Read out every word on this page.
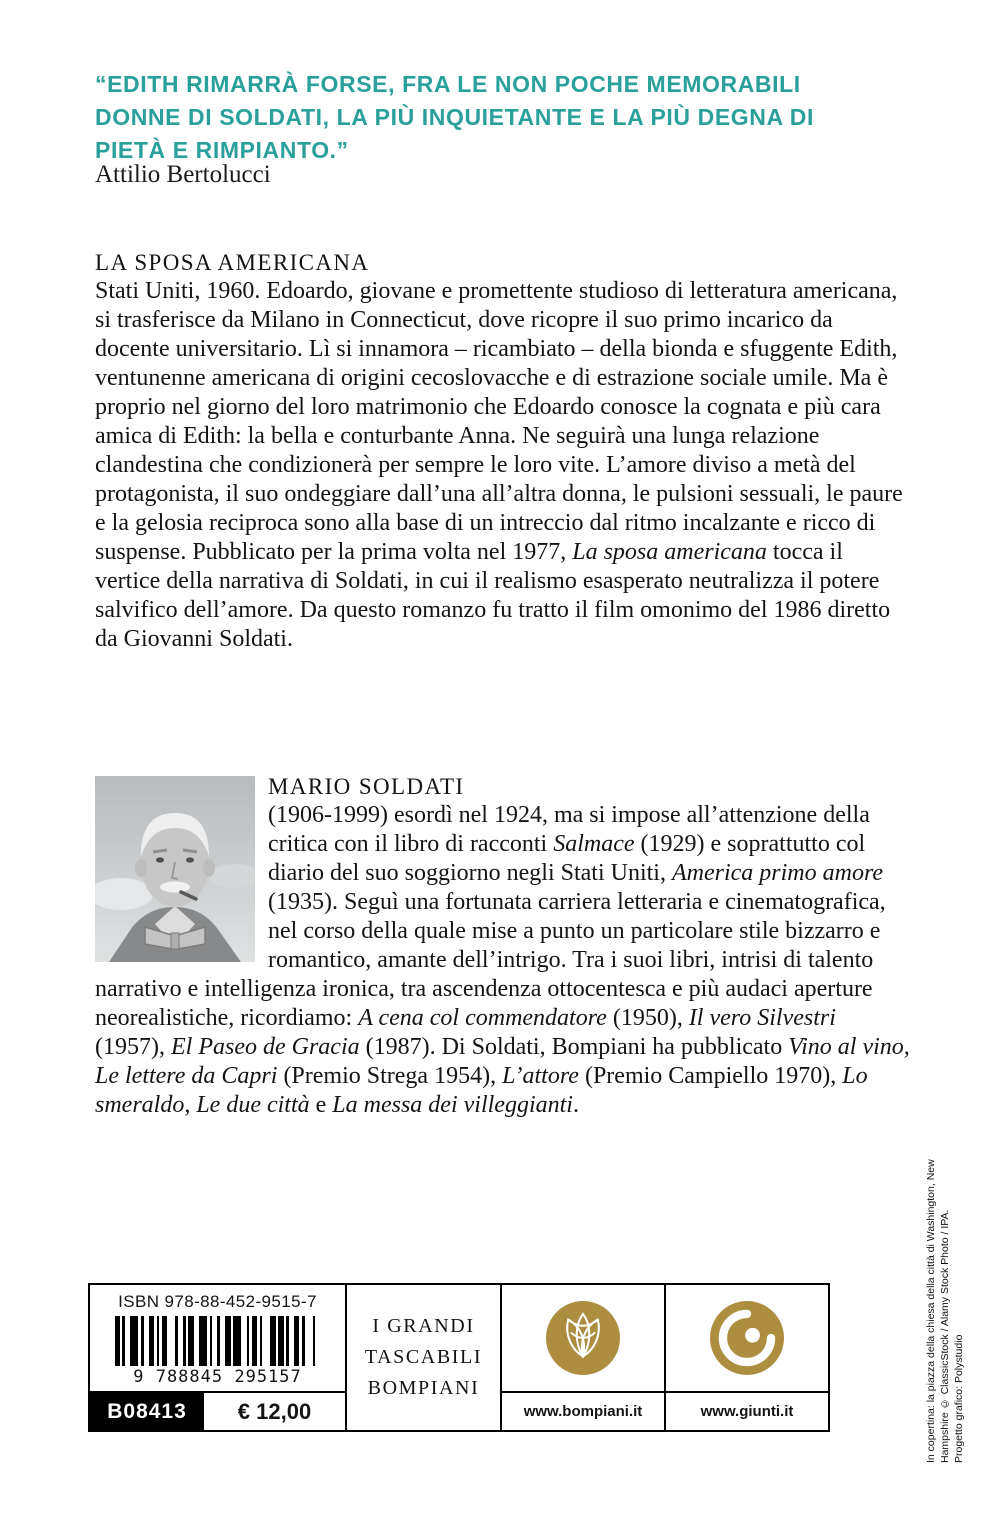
“EDITH RIMARRÀ FORSE, FRA LE NON POCHE MEMORABILI DONNE DI SOLDATI, LA PIÙ INQUIETANTE E LA PIÙ DEGNA DI PIETÀ E RIMPIANTO.”
Attilio Bertolucci
LA SPOSA AMERICANA

Stati Uniti, 1960. Edoardo, giovane e promettente studioso di letteratura americana, si trasferisce da Milano in Connecticut, dove ricopre il suo primo incarico da docente universitario. Lì si innamora – ricambiato – della bionda e sfuggente Edith, ventunenne americana di origini cecoslovacche e di estrazione sociale umile. Ma è proprio nel giorno del loro matrimonio che Edoardo conosce la cognata e più cara amica di Edith: la bella e conturbante Anna. Ne seguirà una lunga relazione clandestina che condizionerà per sempre le loro vite. L’amore diviso a metà del protagonista, il suo ondeggiare dall’una all’altra donna, le pulsioni sessuali, le paure e la gelosia reciproca sono alla base di un intreccio dal ritmo incalzante e ricco di suspense. Pubblicato per la prima volta nel 1977, La sposa americana tocca il vertice della narrativa di Soldati, in cui il realismo esasperato neutralizza il potere salvifico dell’amore. Da questo romanzo fu tratto il film omonimo del 1986 diretto da Giovanni Soldati.

MARIO SOLDATI

(1906-1999) esordì nel 1924, ma si impose all’attenzione della critica con il libro di racconti Salmace (1929) e soprattutto col diario del suo soggiorno negli Stati Uniti, America primo amore (1935). Seguì una fortunata carriera letteraria e cinematografica, nel corso della quale mise a punto un particolare stile bizzarro e romantico, amante dell’intrigo. Tra i suoi libri, intrisi di talento narrativo e intelligenza ironica, tra ascendenza ottocentesca e più audaci aperture neorealistiche, ricordiamo: A cena col commendatore (1950), Il vero Silvestri (1957), El Paseo de Gracia (1987). Di Soldati, Bompiani ha pubblicato Vino al vino, Le lettere da Capri (Premio Strega 1954), L’attore (Premio Campiello 1970), Lo smeraldo, Le due città e La messa dei villeggianti.

ISBN 978-88-452-9515-7
9 788845 295157
B08413	€ 12,00
I GRANDI
TASCABILI
BOMPIANI
www.bompiani.it	www.giunti.it	In copertina: la piazza della chiesa della città di Washington, New Hampshire © ClassicStock / Alamy Stock Photo / IPA. Progetto grafico: Polystudio
